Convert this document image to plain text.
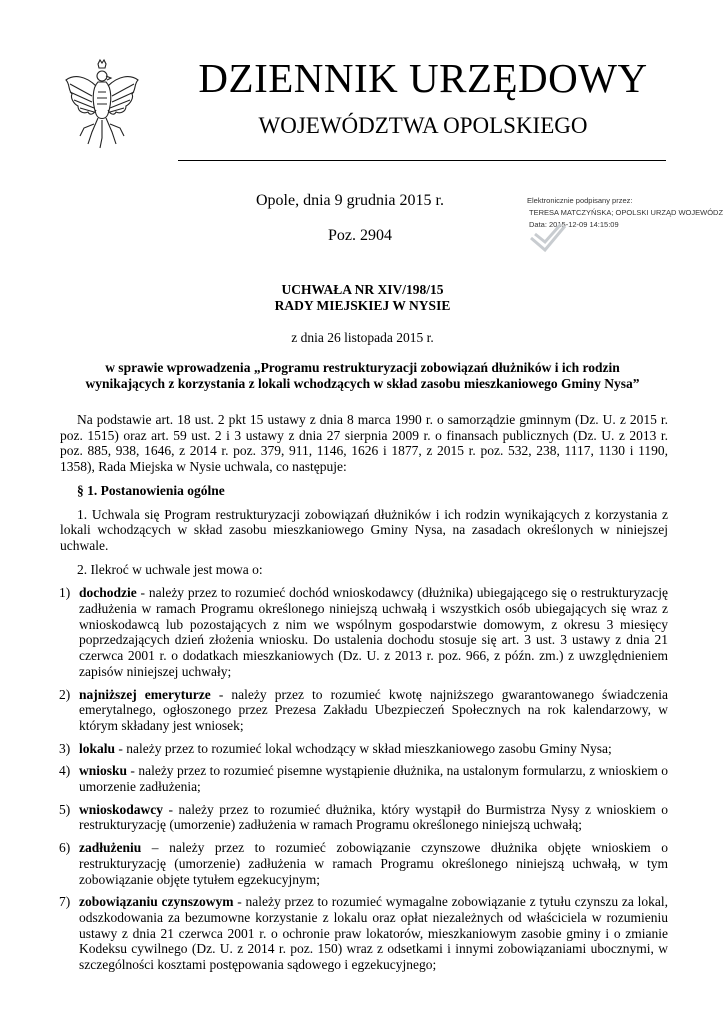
DZIENNIK URZĘDOWY
WOJEWÓDZTWA OPOLSKIEGO
Opole, dnia 9 grudnia 2015 r.
Poz. 2904
Elektronicznie podpisany przez:
TERESA MATCZYŃSKA; OPOLSKI URZĄD WOJEWÓDZ
Data: 2015-12-09 14:15:09

UCHWAŁA NR XIV/198/15

RADY MIEJSKIEJ W NYSIE

z dnia 26 listopada 2015 r.

w sprawie wprowadzenia „Programu restrukturyzacji zobowiązań dłużników i ich rodzin

wynikających z korzystania z lokali wchodzących w skład zasobu mieszkaniowego Gminy Nysa”

Na podstawie art. 18 ust. 2 pkt 15 ustawy z dnia 8 marca 1990 r. o samorządzie gminnym (Dz. U. z 2015 r. poz. 1515) oraz art. 59 ust. 2 i 3 ustawy z dnia 27 sierpnia 2009 r. o finansach publicznych (Dz. U. z 2013 r. poz. 885, 938, 1646, z 2014 r. poz. 379, 911, 1146, 1626 i 1877, z 2015 r. poz. 532, 238, 1117, 1130 i 1190, 1358), Rada Miejska w Nysie uchwala, co następuje:

§ 1. Postanowienia ogólne

1. Uchwala się Program restrukturyzacji zobowiązań dłużników i ich rodzin wynikających z korzystania z lokali wchodzących w skład zasobu mieszkaniowego Gminy Nysa, na zasadach określonych w niniejszej uchwale.

2. Ilekroć w uchwale jest mowa o:

1) dochodzie - należy przez to rozumieć dochód wnioskodawcy (dłużnika) ubiegającego się o restrukturyzację zadłużenia w ramach Programu określonego niniejszą uchwałą i wszystkich osób ubiegających się wraz z wnioskodawcą lub pozostających z nim we wspólnym gospodarstwie domowym, z okresu 3 miesięcy poprzedzających dzień złożenia wniosku. Do ustalenia dochodu stosuje się art. 3 ust. 3 ustawy z dnia 21 czerwca 2001 r. o dodatkach mieszkaniowych (Dz. U. z 2013 r. poz. 966, z późn. zm.) z uwzględnieniem zapisów niniejszej uchwały;

2) najniższej emeryturze - należy przez to rozumieć kwotę najniższego gwarantowanego świadczenia emerytalnego, ogłoszonego przez Prezesa Zakładu Ubezpieczeń Społecznych na rok kalendarzowy, w którym składany jest wniosek;

3) lokalu - należy przez to rozumieć lokal wchodzący w skład mieszkaniowego zasobu Gminy Nysa;

4) wniosku - należy przez to rozumieć pisemne wystąpienie dłużnika, na ustalonym formularzu, z wnioskiem o umorzenie zadłużenia;

5) wnioskodawcy - należy przez to rozumieć dłużnika, który wystąpił do Burmistrza Nysy z wnioskiem o restrukturyzację (umorzenie) zadłużenia w ramach Programu określonego niniejszą uchwałą;

6) zadłużeniu – należy przez to rozumieć zobowiązanie czynszowe dłużnika objęte wnioskiem o restrukturyzację (umorzenie) zadłużenia w ramach Programu określonego niniejszą uchwałą, w tym zobowiązanie objęte tytułem egzekucyjnym;

7) zobowiązaniu czynszowym - należy przez to rozumieć wymagalne zobowiązanie z tytułu czynszu za lokal, odszkodowania za bezumowne korzystanie z lokalu oraz opłat niezależnych od właściciela w rozumieniu ustawy z dnia 21 czerwca 2001 r. o ochronie praw lokatorów, mieszkaniowym zasobie gminy i o zmianie Kodeksu cywilnego (Dz. U. z 2014 r. poz. 150) wraz z odsetkami i innymi zobowiązaniami ubocznymi, w szczególności kosztami postępowania sądowego i egzekucyjnego;
